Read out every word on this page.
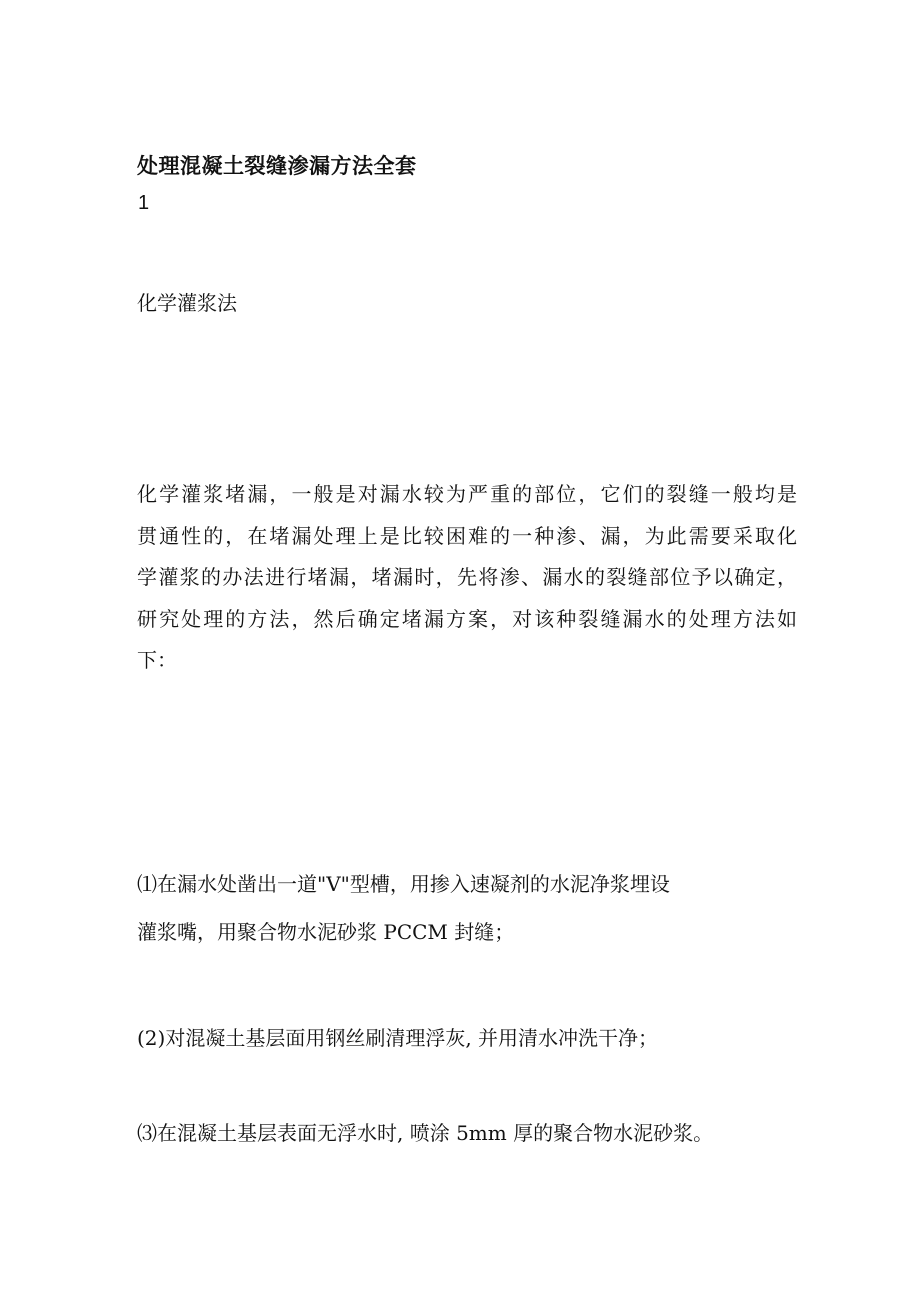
处理混凝土裂缝渗漏方法全套
1
化学灌浆法
化学灌浆堵漏，一般是对漏水较为严重的部位，它们的裂缝一般均是
贯通性的，在堵漏处理上是比较困难的一种渗、漏，为此需要采取化
学灌浆的办法进行堵漏，堵漏时，先将渗、漏水的裂缝部位予以确定，
研究处理的方法，然后确定堵漏方案，对该种裂缝漏水的处理方法如
下：
⑴在漏水处凿出一道"V"型槽，用掺入速凝剂的水泥净浆埋设
灌浆嘴，用聚合物水泥砂浆 PCCM 封缝；
(2)对混凝土基层面用钢丝刷清理浮灰, 并用清水冲洗干净；
⑶在混凝土基层表面无浮水时, 喷涂 5mm 厚的聚合物水泥砂浆。
